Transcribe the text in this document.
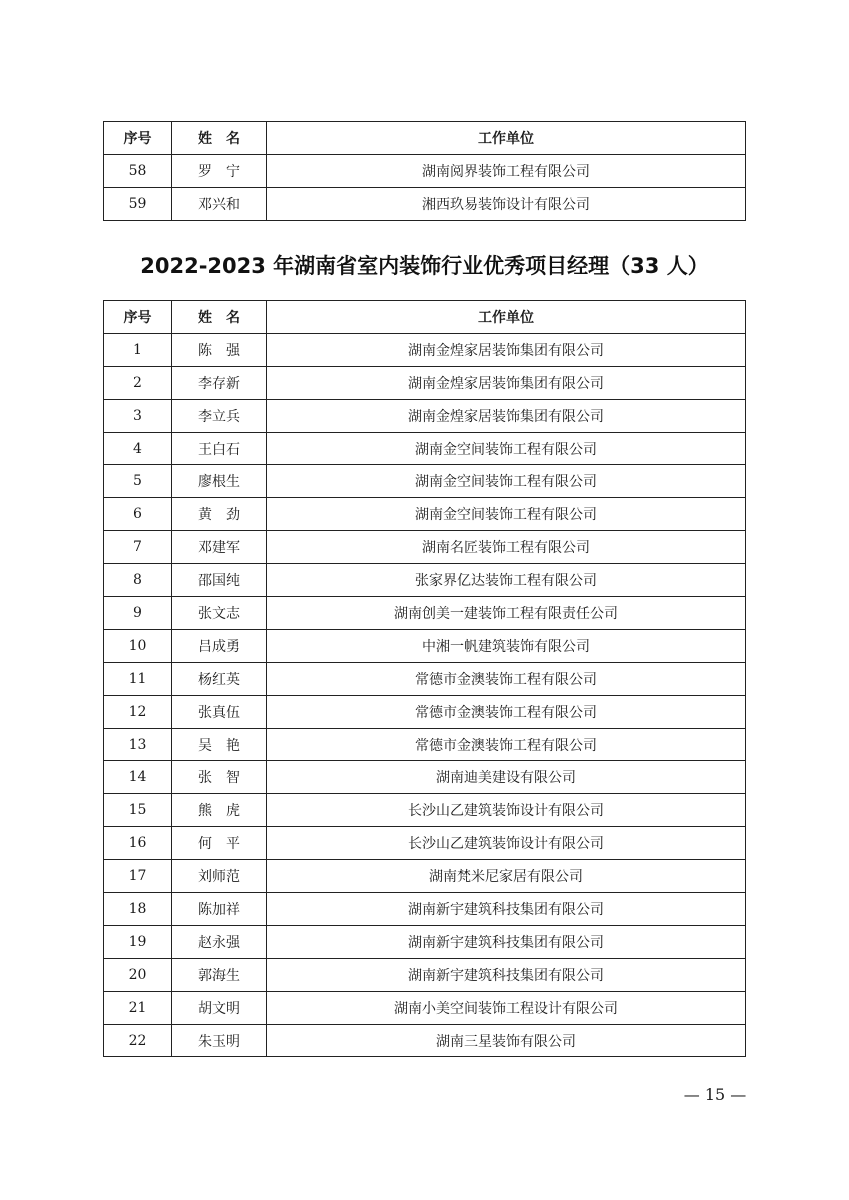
序号	姓　名	工作单位
58	罗　宁	湖南阅界装饰工程有限公司
59	邓兴和	湘西玖易装饰设计有限公司
2022-2023 年湖南省室内装饰行业优秀项目经理（33 人）
序号	姓　名	工作单位
1	陈　强	湖南金煌家居装饰集团有限公司
2	李存新	湖南金煌家居装饰集团有限公司
3	李立兵	湖南金煌家居装饰集团有限公司
4	王白石	湖南金空间装饰工程有限公司
5	廖根生	湖南金空间装饰工程有限公司
6	黄　劲	湖南金空间装饰工程有限公司
7	邓建军	湖南名匠装饰工程有限公司
8	邵国纯	张家界亿达装饰工程有限公司
9	张文志	湖南创美一建装饰工程有限责任公司
10	吕成勇	中湘一帆建筑装饰有限公司
11	杨红英	常德市金澳装饰工程有限公司
12	张真伍	常德市金澳装饰工程有限公司
13	吴　艳	常德市金澳装饰工程有限公司
14	张　智	湖南迪美建设有限公司
15	熊　虎	长沙山乙建筑装饰设计有限公司
16	何　平	长沙山乙建筑装饰设计有限公司
17	刘师范	湖南梵米尼家居有限公司
18	陈加祥	湖南新宇建筑科技集团有限公司
19	赵永强	湖南新宇建筑科技集团有限公司
20	郭海生	湖南新宇建筑科技集团有限公司
21	胡文明	湖南小美空间装饰工程设计有限公司
22	朱玉明	湖南三星装饰有限公司
— 15 —
